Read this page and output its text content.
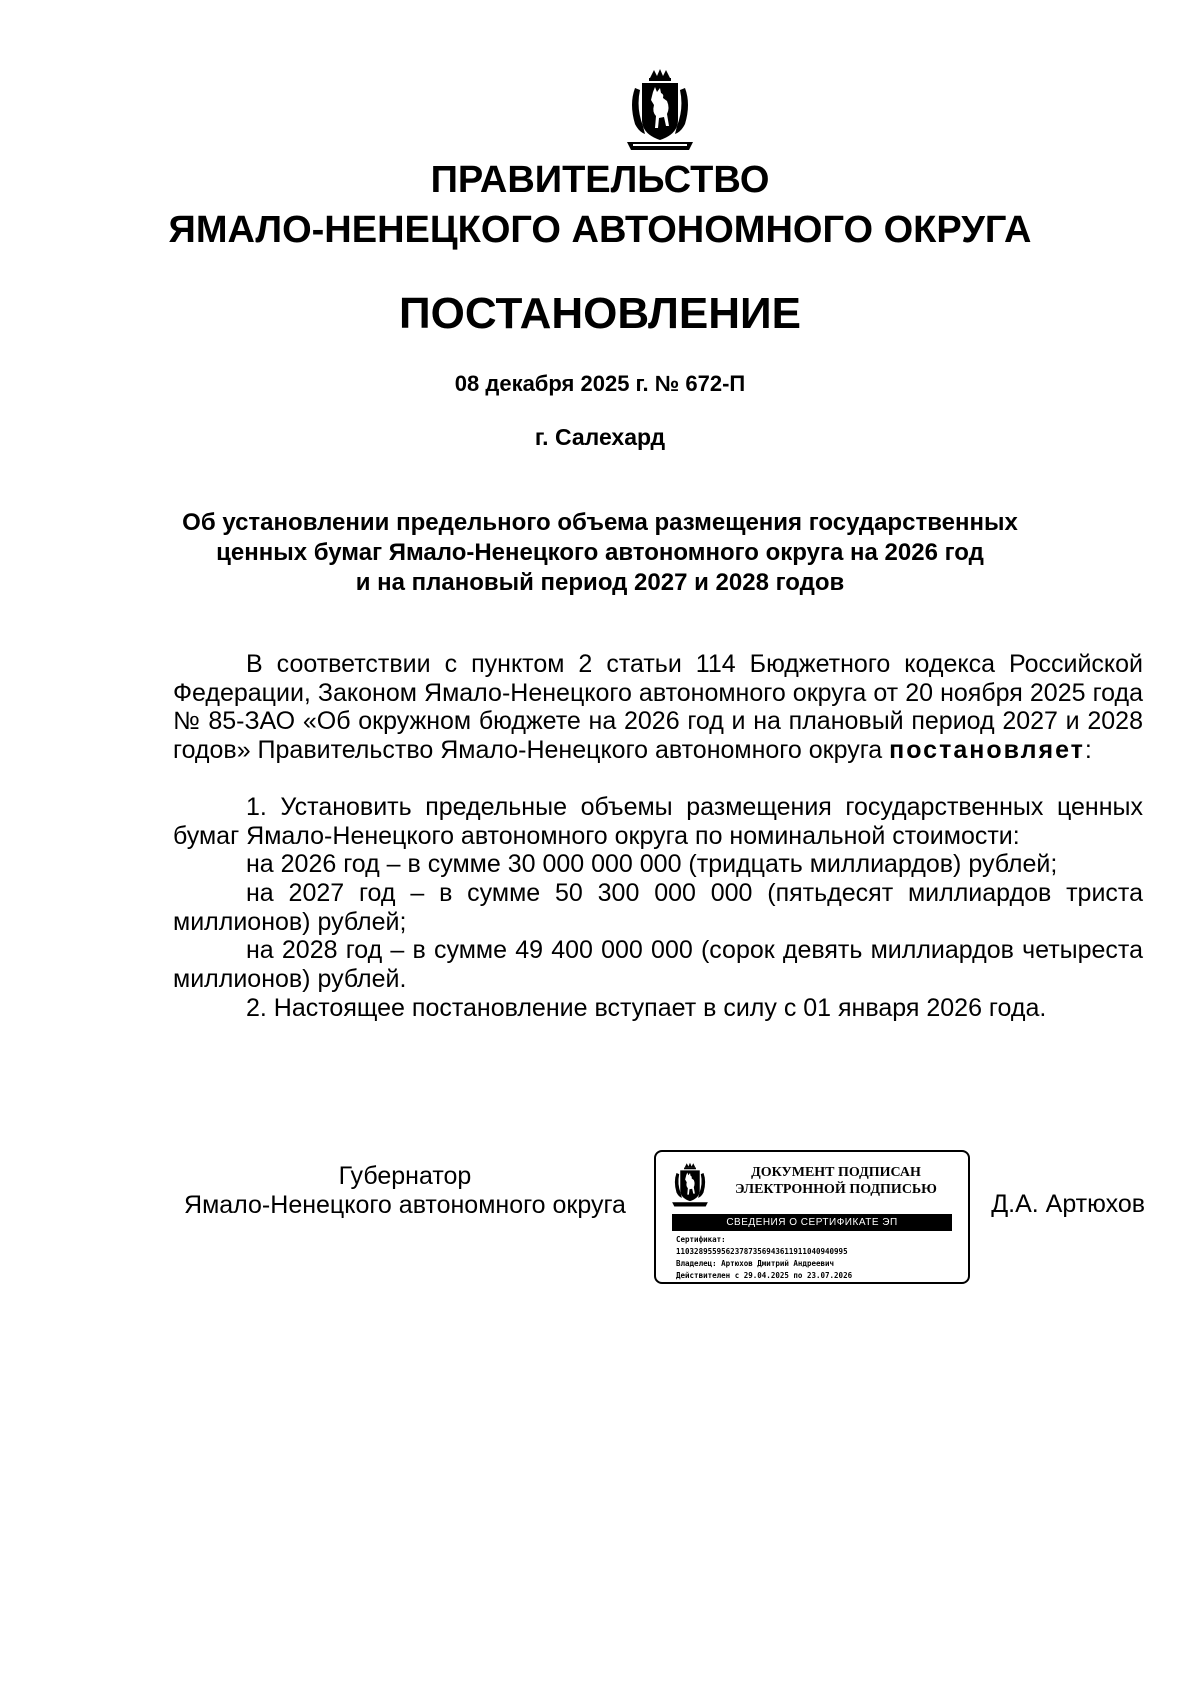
ПРАВИТЕЛЬСТВО
ЯМАЛО-НЕНЕЦКОГО АВТОНОМНОГО ОКРУГА
ПОСТАНОВЛЕНИЕ
08 декабря 2025 г. № 672-П
г. Салехард
Об установлении предельного объема размещения государственных
ценных бумаг Ямало-Ненецкого автономного округа на 2026 год
и на плановый период 2027 и 2028 годов

В соответствии с пунктом 2 статьи 114 Бюджетного кодекса Российской Федерации, Законом Ямало-Ненецкого автономного округа от 20 ноября 2025 года № 85-ЗАО «Об окружном бюджете на 2026 год и на плановый период 2027 и 2028 годов» Правительство Ямало-Ненецкого автономного округа постановляет:

1. Установить предельные объемы размещения государственных ценных бумаг Ямало-Ненецкого автономного округа по номинальной стоимости:

на 2026 год – в сумме 30 000 000 000 (тридцать миллиардов) рублей;

на 2027 год – в сумме 50 300 000 000 (пятьдесят миллиардов триста миллионов) рублей;

на 2028 год – в сумме 49 400 000 000 (сорок девять миллиардов четыреста миллионов) рублей.

2. Настоящее постановление вступает в силу с 01 января 2026 года.

Губернатор
Ямало-Ненецкого автономного округа
ДОКУМЕНТ ПОДПИСАН
ЭЛЕКТРОННОЙ ПОДПИСЬЮ
СВЕДЕНИЯ О СЕРТИФИКАТЕ ЭП
Сертификат:
11032895595623787356943611911040940995
Владелец: Артюхов Дмитрий Андреевич
Действителен с 29.04.2025 по 23.07.2026
Д.А. Артюхов
